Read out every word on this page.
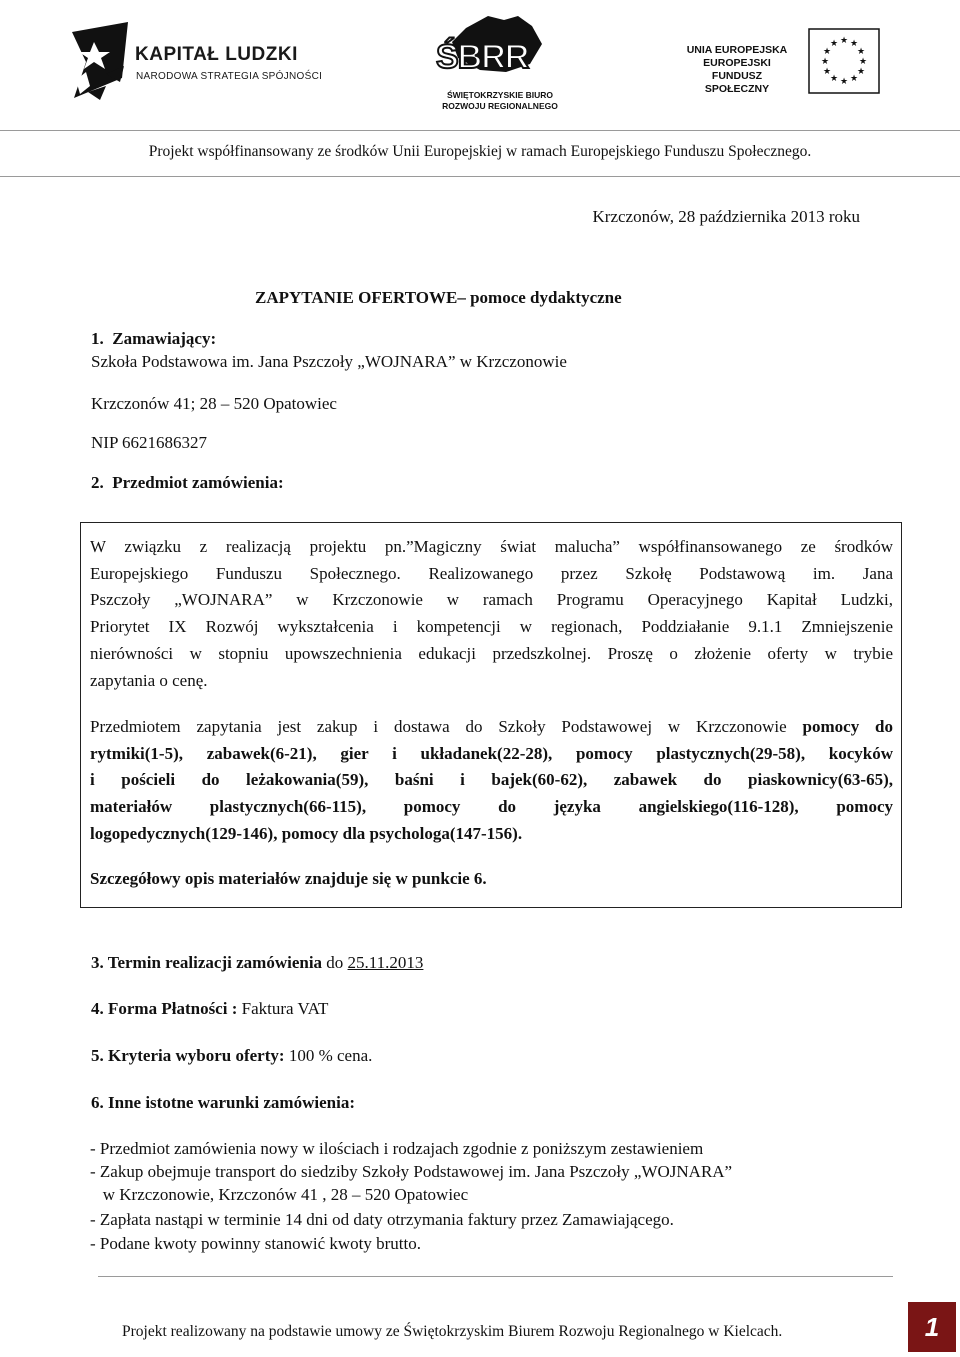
KAPITAŁ LUDZKI
NARODOWA STRATEGIA SPÓJNOŚCI
ŚBRR
ŚWIĘTOKRZYSKIE BIURO
ROZWOJU REGIONALNEGO
UNIA EUROPEJSKA
EUROPEJSKI
FUNDUSZ SPOŁECZNY
★ ★
★
★
★
★
★
★
★
★
★
★
Projekt współfinansowany ze środków Unii Europejskiej w ramach Europejskiego Funduszu Społecznego.
Krzczonów, 28 października 2013 roku
ZAPYTANIE OFERTOWE– pomoce dydaktyczne
1. Zamawiający:
Szkoła Podstawowa im. Jana Pszczoły „WOJNARA” w Krzczonowie
Krzczonów 41; 28 – 520 Opatowiec
NIP 6621686327
2. Przedmiot zamówienia:
W związku z realizacją projektu pn.”Magiczny świat malucha” współfinansowanego ze środków
Europejskiego Funduszu Społecznego. Realizowanego przez Szkołę Podstawową im. Jana
Pszczoły „WOJNARA” w Krzczonowie w ramach Programu Operacyjnego Kapitał Ludzki,
Priorytet IX Rozwój wykształcenia i kompetencji w regionach, Poddziałanie 9.1.1 Zmniejszenie
nierówności w stopniu upowszechnienia edukacji przedszkolnej. Proszę o złożenie oferty w trybie
zapytania o cenę.
Przedmiotem zapytania jest zakup i dostawa do Szkoły Podstawowej w Krzczonowie pomocy do
rytmiki(1-5), zabawek(6-21), gier i układanek(22-28), pomocy plastycznych(29-58), kocyków
i pościeli do leżakowania(59), baśni i bajek(60-62), zabawek do piaskownicy(63-65),
materiałów plastycznych(66-115), pomocy do języka angielskiego(116-128), pomocy
logopedycznych(129-146), pomocy dla psychologa(147-156).
Szczegółowy opis materiałów znajduje się w punkcie 6.
3. Termin realizacji zamówienia do 25.11.2013
4. Forma Płatności : Faktura VAT
5. Kryteria wyboru oferty: 100 % cena.
6. Inne istotne warunki zamówienia:
- Przedmiot zamówienia nowy w ilościach i rodzajach zgodnie z poniższym zestawieniem
- Zakup obejmuje transport do siedziby Szkoły Podstawowej im. Jana Pszczoły „WOJNARA”
w Krzczonowie, Krzczonów 41 , 28 – 520 Opatowiec
- Zapłata nastąpi w terminie 14 dni od daty otrzymania faktury przez Zamawiającego.
- Podane kwoty powinny stanowić kwoty brutto.
Projekt realizowany na podstawie umowy ze Świętokrzyskim Biurem Rozwoju Regionalnego w Kielcach.	1
